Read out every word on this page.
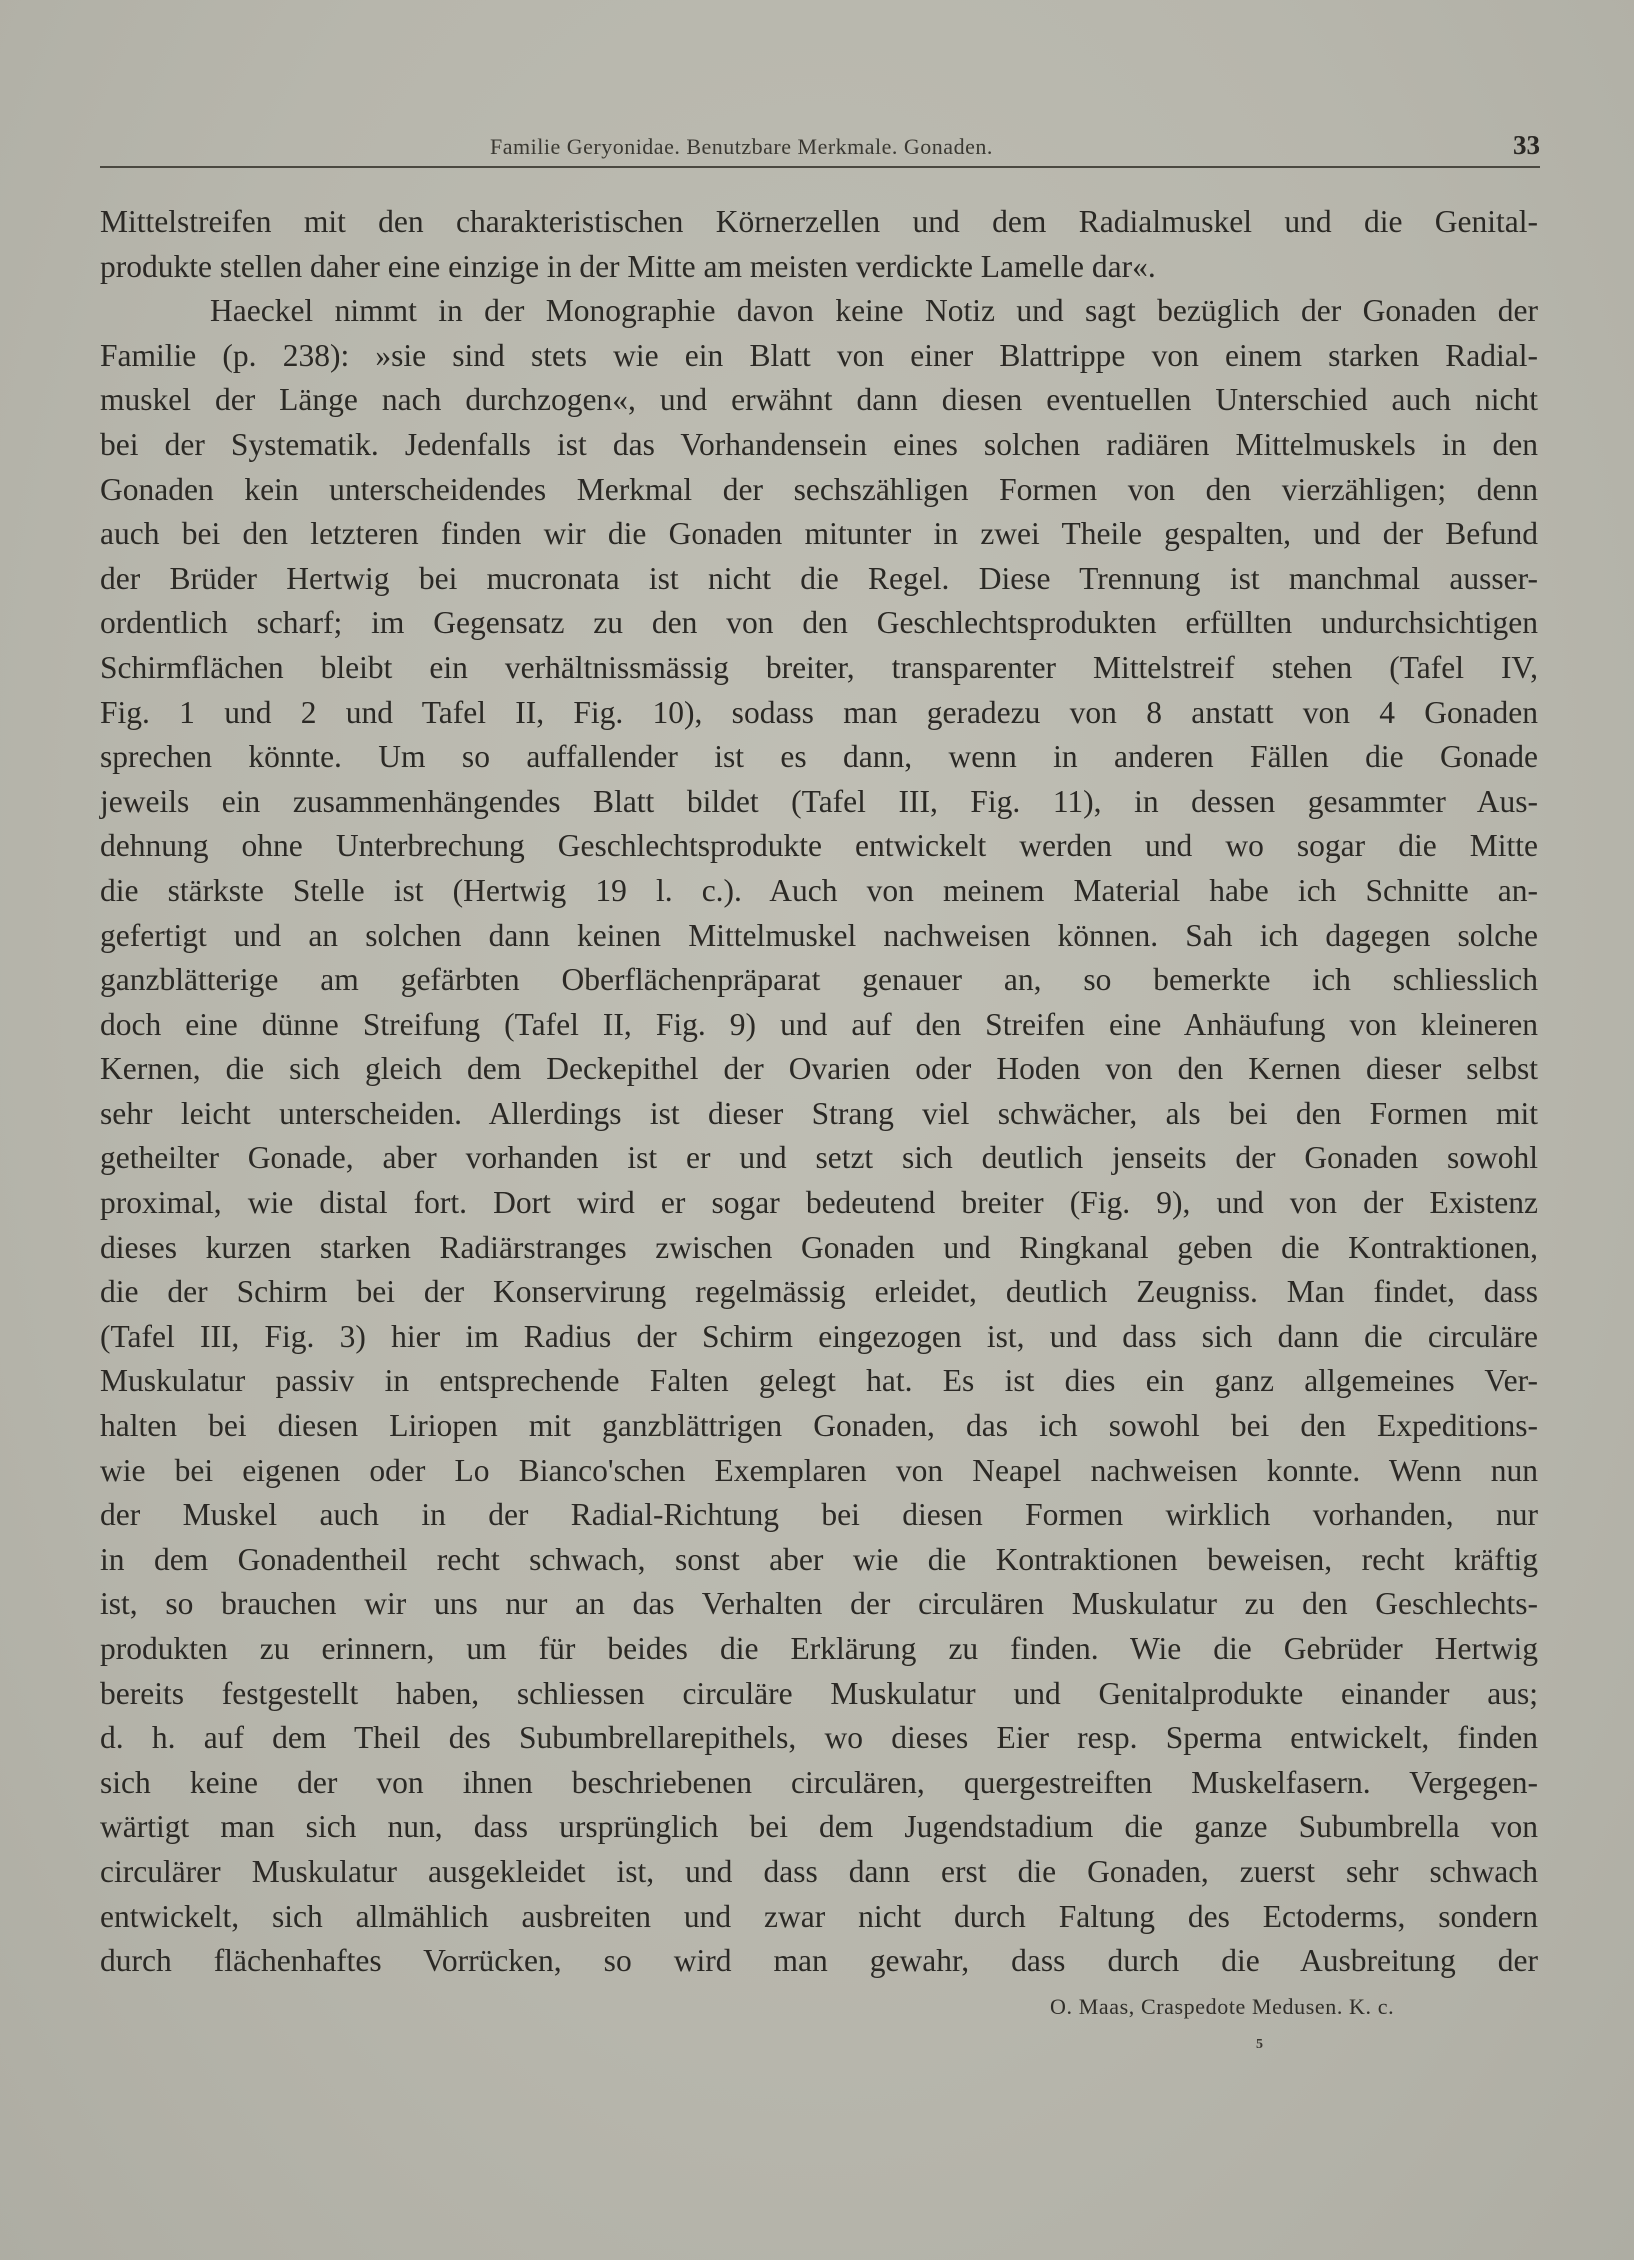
Familie Geryonidae. Benutzbare Merkmale. Gonaden.	33
Mittelstreifen mit den charakteristischen Körnerzellen und dem Radialmuskel und die Genital-
produkte stellen daher eine einzige in der Mitte am meisten verdickte Lamelle dar«.
Haeckel nimmt in der Monographie davon keine Notiz und sagt bezüglich der Gonaden der
Familie (p. 238): »sie sind stets wie ein Blatt von einer Blattrippe von einem starken Radial-
muskel der Länge nach durchzogen«, und erwähnt dann diesen eventuellen Unterschied auch nicht
bei der Systematik. Jedenfalls ist das Vorhandensein eines solchen radiären Mittelmuskels in den
Gonaden kein unterscheidendes Merkmal der sechszähligen Formen von den vierzähligen; denn
auch bei den letzteren finden wir die Gonaden mitunter in zwei Theile gespalten, und der Befund
der Brüder Hertwig bei mucronata ist nicht die Regel. Diese Trennung ist manchmal ausser-
ordentlich scharf; im Gegensatz zu den von den Geschlechtsprodukten erfüllten undurchsichtigen
Schirmflächen bleibt ein verhältnissmässig breiter, transparenter Mittelstreif stehen (Tafel IV,
Fig. 1 und 2 und Tafel II, Fig. 10), sodass man geradezu von 8 anstatt von 4 Gonaden
sprechen könnte. Um so auffallender ist es dann, wenn in anderen Fällen die Gonade
jeweils ein zusammenhängendes Blatt bildet (Tafel III, Fig. 11), in dessen gesammter Aus-
dehnung ohne Unterbrechung Geschlechtsprodukte entwickelt werden und wo sogar die Mitte
die stärkste Stelle ist (Hertwig 19 l. c.). Auch von meinem Material habe ich Schnitte an-
gefertigt und an solchen dann keinen Mittelmuskel nachweisen können. Sah ich dagegen solche
ganzblätterige am gefärbten Oberflächenpräparat genauer an, so bemerkte ich schliesslich
doch eine dünne Streifung (Tafel II, Fig. 9) und auf den Streifen eine Anhäufung von kleineren
Kernen, die sich gleich dem Deckepithel der Ovarien oder Hoden von den Kernen dieser selbst
sehr leicht unterscheiden. Allerdings ist dieser Strang viel schwächer, als bei den Formen mit
getheilter Gonade, aber vorhanden ist er und setzt sich deutlich jenseits der Gonaden sowohl
proximal, wie distal fort. Dort wird er sogar bedeutend breiter (Fig. 9), und von der Existenz
dieses kurzen starken Radiärstranges zwischen Gonaden und Ringkanal geben die Kontraktionen,
die der Schirm bei der Konservirung regelmässig erleidet, deutlich Zeugniss. Man findet, dass
(Tafel III, Fig. 3) hier im Radius der Schirm eingezogen ist, und dass sich dann die circuläre
Muskulatur passiv in entsprechende Falten gelegt hat. Es ist dies ein ganz allgemeines Ver-
halten bei diesen Liriopen mit ganzblättrigen Gonaden, das ich sowohl bei den Expeditions-
wie bei eigenen oder Lo Bianco'schen Exemplaren von Neapel nachweisen konnte. Wenn nun
der Muskel auch in der Radial-Richtung bei diesen Formen wirklich vorhanden, nur
in dem Gonadentheil recht schwach, sonst aber wie die Kontraktionen beweisen, recht kräftig
ist, so brauchen wir uns nur an das Verhalten der circulären Muskulatur zu den Geschlechts-
produkten zu erinnern, um für beides die Erklärung zu finden. Wie die Gebrüder Hertwig
bereits festgestellt haben, schliessen circuläre Muskulatur und Genitalprodukte einander aus;
d. h. auf dem Theil des Subumbrellarepithels, wo dieses Eier resp. Sperma entwickelt, finden
sich keine der von ihnen beschriebenen circulären, quergestreiften Muskelfasern. Vergegen-
wärtigt man sich nun, dass ursprünglich bei dem Jugendstadium die ganze Subumbrella von
circulärer Muskulatur ausgekleidet ist, und dass dann erst die Gonaden, zuerst sehr schwach
entwickelt, sich allmählich ausbreiten und zwar nicht durch Faltung des Ectoderms, sondern
durch flächenhaftes Vorrücken, so wird man gewahr, dass durch die Ausbreitung der
O. Maas, Craspedote Medusen. K. c.
5
